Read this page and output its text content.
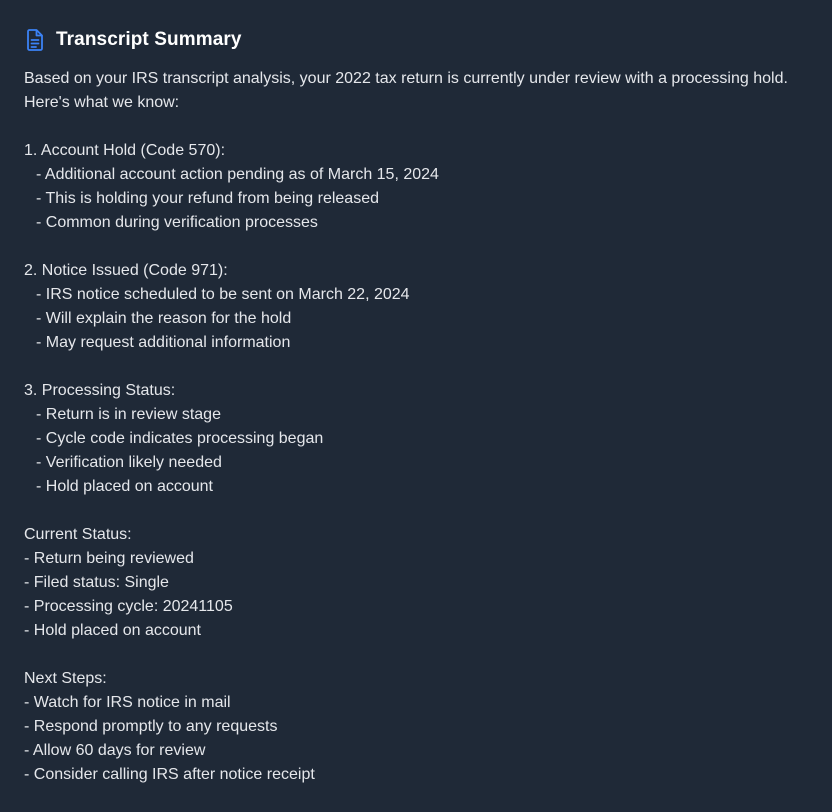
Transcript Summary
Based on your IRS transcript analysis, your 2022 tax return is currently under review with a processing hold. Here's what we know:
1. Account Hold (Code 570):
- Additional account action pending as of March 15, 2024
- This is holding your refund from being released
- Common during verification processes
2. Notice Issued (Code 971):
- IRS notice scheduled to be sent on March 22, 2024
- Will explain the reason for the hold
- May request additional information
3. Processing Status:
- Return is in review stage
- Cycle code indicates processing began
- Verification likely needed
- Hold placed on account
Current Status:
- Return being reviewed
- Filed status: Single
- Processing cycle: 20241105
- Hold placed on account
Next Steps:
- Watch for IRS notice in mail
- Respond promptly to any requests
- Allow 60 days for review
- Consider calling IRS after notice receipt
